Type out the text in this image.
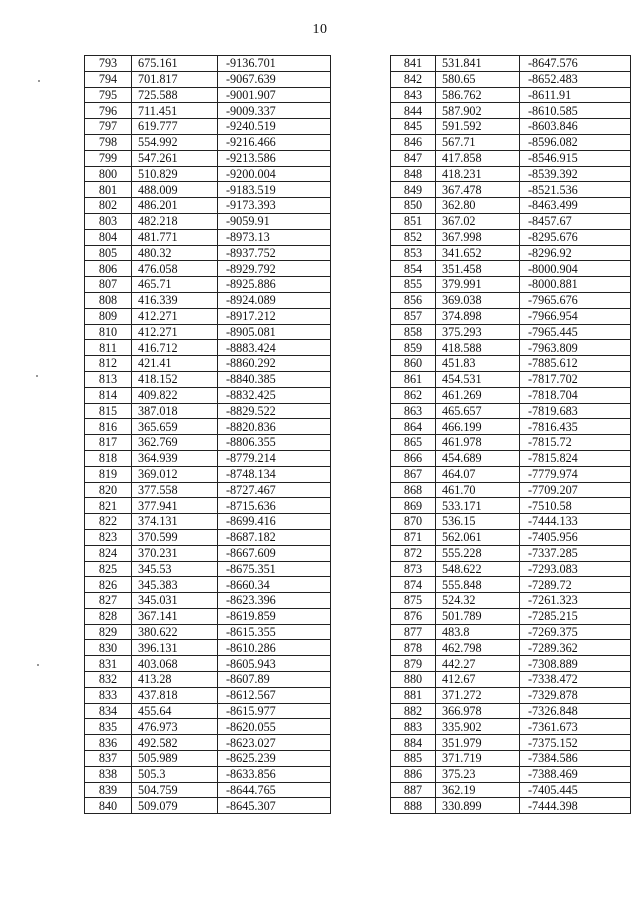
10
793	675.161	-9136.701
794	701.817	-9067.639
795	725.588	-9001.907
796	711.451	-9009.337
797	619.777	-9240.519
798	554.992	-9216.466
799	547.261	-9213.586
800	510.829	-9200.004
801	488.009	-9183.519
802	486.201	-9173.393
803	482.218	-9059.91
804	481.771	-8973.13
805	480.32	-8937.752
806	476.058	-8929.792
807	465.71	-8925.886
808	416.339	-8924.089
809	412.271	-8917.212
810	412.271	-8905.081
811	416.712	-8883.424
812	421.41	-8860.292
813	418.152	-8840.385
814	409.822	-8832.425
815	387.018	-8829.522
816	365.659	-8820.836
817	362.769	-8806.355
818	364.939	-8779.214
819	369.012	-8748.134
820	377.558	-8727.467
821	377.941	-8715.636
822	374.131	-8699.416
823	370.599	-8687.182
824	370.231	-8667.609
825	345.53	-8675.351
826	345.383	-8660.34
827	345.031	-8623.396
828	367.141	-8619.859
829	380.622	-8615.355
830	396.131	-8610.286
831	403.068	-8605.943
832	413.28	-8607.89
833	437.818	-8612.567
834	455.64	-8615.977
835	476.973	-8620.055
836	492.582	-8623.027
837	505.989	-8625.239
838	505.3	-8633.856
839	504.759	-8644.765
840	509.079	-8645.307
841	531.841	-8647.576
842	580.65	-8652.483
843	586.762	-8611.91
844	587.902	-8610.585
845	591.592	-8603.846
846	567.71	-8596.082
847	417.858	-8546.915
848	418.231	-8539.392
849	367.478	-8521.536
850	362.80	-8463.499
851	367.02	-8457.67
852	367.998	-8295.676
853	341.652	-8296.92
854	351.458	-8000.904
855	379.991	-8000.881
856	369.038	-7965.676
857	374.898	-7966.954
858	375.293	-7965.445
859	418.588	-7963.809
860	451.83	-7885.612
861	454.531	-7817.702
862	461.269	-7818.704
863	465.657	-7819.683
864	466.199	-7816.435
865	461.978	-7815.72
866	454.689	-7815.824
867	464.07	-7779.974
868	461.70	-7709.207
869	533.171	-7510.58
870	536.15	-7444.133
871	562.061	-7405.956
872	555.228	-7337.285
873	548.622	-7293.083
874	555.848	-7289.72
875	524.32	-7261.323
876	501.789	-7285.215
877	483.8	-7269.375
878	462.798	-7289.362
879	442.27	-7308.889
880	412.67	-7338.472
881	371.272	-7329.878
882	366.978	-7326.848
883	335.902	-7361.673
884	351.979	-7375.152
885	371.719	-7384.586
886	375.23	-7388.469
887	362.19	-7405.445
888	330.899	-7444.398
